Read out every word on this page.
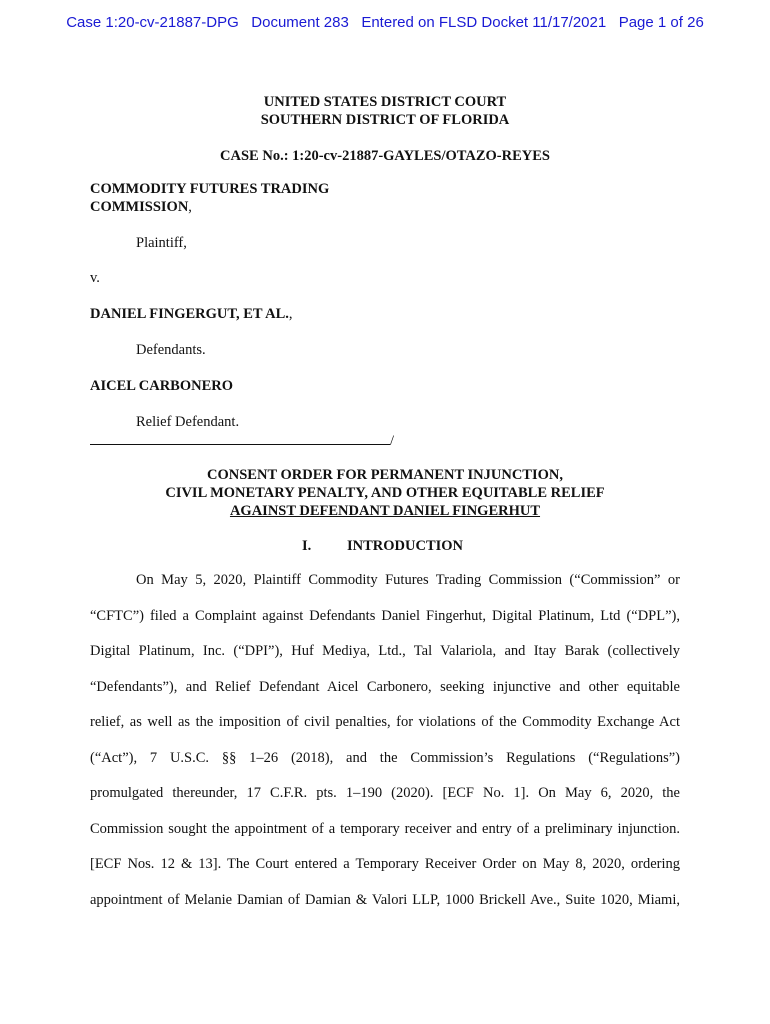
Case 1:20-cv-21887-DPG   Document 283   Entered on FLSD Docket 11/17/2021   Page 1 of 26
UNITED STATES DISTRICT COURT
SOUTHERN DISTRICT OF FLORIDA
CASE No.: 1:20-cv-21887-GAYLES/OTAZO-REYES
COMMODITY FUTURES TRADING
COMMISSION,
Plaintiff,
v.
DANIEL FINGERGUT, ET AL.,
Defendants.
AICEL CARBONERO
Relief Defendant.
/
CONSENT ORDER FOR PERMANENT INJUNCTION,
CIVIL MONETARY PENALTY, AND OTHER EQUITABLE RELIEF
AGAINST DEFENDANT DANIEL FINGERHUT
I. INTRODUCTION
On May 5, 2020, Plaintiff Commodity Futures Trading Commission (“Commission” or
“CFTC”) filed a Complaint against Defendants Daniel Fingerhut, Digital Platinum, Ltd (“DPL”),
Digital Platinum, Inc. (“DPI”), Huf Mediya, Ltd., Tal Valariola, and Itay Barak (collectively
“Defendants”), and Relief Defendant Aicel Carbonero, seeking injunctive and other equitable
relief, as well as the imposition of civil penalties, for violations of the Commodity Exchange Act
(“Act”), 7 U.S.C. §§ 1–26 (2018), and the Commission’s Regulations (“Regulations”)
promulgated thereunder, 17 C.F.R. pts. 1–190 (2020). [ECF No. 1]. On May 6, 2020, the
Commission sought the appointment of a temporary receiver and entry of a preliminary injunction.
[ECF Nos. 12 & 13]. The Court entered a Temporary Receiver Order on May 8, 2020, ordering
appointment of Melanie Damian of Damian & Valori LLP, 1000 Brickell Ave., Suite 1020, Miami,
